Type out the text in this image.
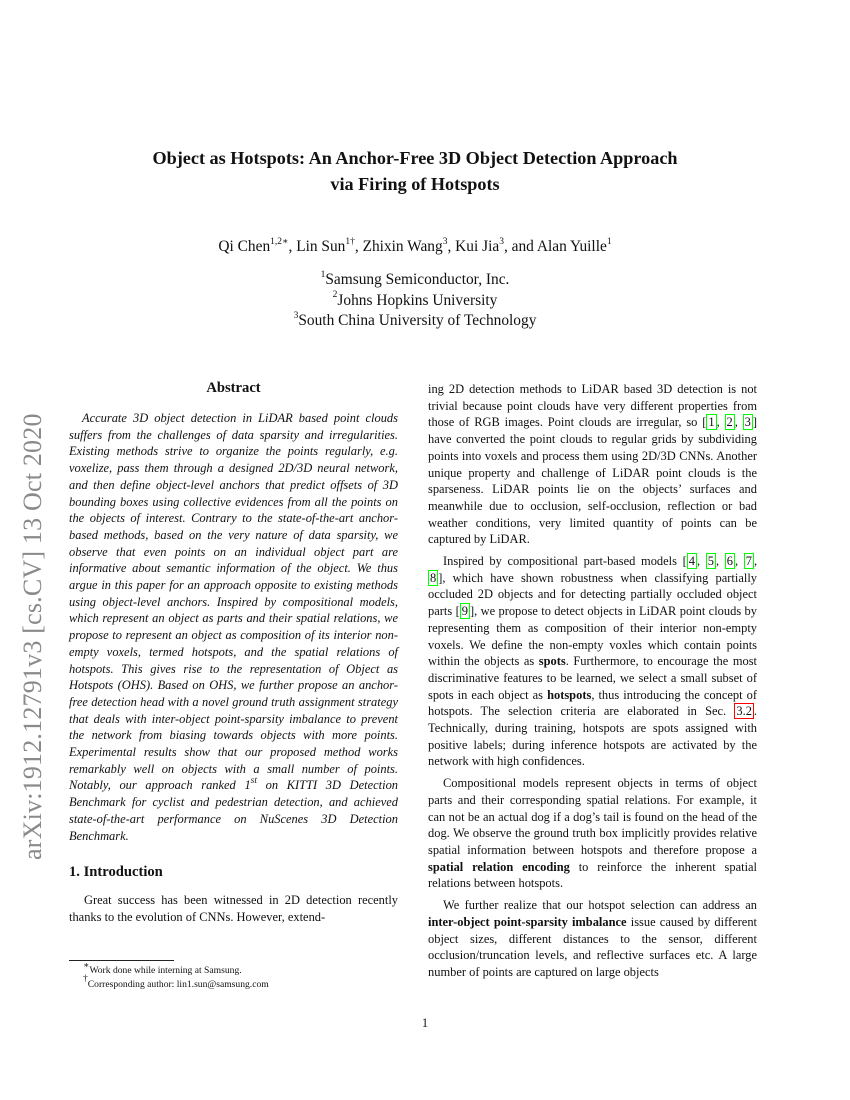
arXiv:1912.12791v3 [cs.CV] 13 Oct 2020
Object as Hotspots: An Anchor-Free 3D Object Detection Approach
via Firing of Hotspots
Qi Chen$^{1,2∗}$, Lin Sun$^{1\dagger}$, Zhixin Wang$^3$, Kui Jia$^3$, and Alan Yuille$^1$
$^1$Samsung Semiconductor, Inc.
$^2$Johns Hopkins University
$^3$South China University of Technology
Abstract

Accurate 3D object detection in LiDAR based point clouds suffers from the challenges of data sparsity and irregularities. Existing methods strive to organize the points regularly, e.g. voxelize, pass them through a designed 2D/3D neural network, and then define object-level anchors that predict offsets of 3D bounding boxes using collective evidences from all the points on the objects of interest. Contrary to the state-of-the-art anchor-based methods, based on the very nature of data sparsity, we observe that even points on an individual object part are informative about semantic information of the object. We thus argue in this paper for an approach opposite to existing methods using object-level anchors. Inspired by compositional models, which represent an object as parts and their spatial relations, we propose to represent an object as composition of its interior non-empty voxels, termed hotspots, and the spatial relations of hotspots. This gives rise to the representation of Object as Hotspots (OHS). Based on OHS, we further propose an anchor-free detection head with a novel ground truth assignment strategy that deals with inter-object point-sparsity imbalance to prevent the network from biasing towards objects with more points. Experimental results show that our proposed method works remarkably well on objects with a small number of points. Notably, our approach ranked 1st on KITTI 3D Detection Benchmark for cyclist and pedestrian detection, and achieved state-of-the-art performance on NuScenes 3D Detection Benchmark.

1. Introduction

Great success has been witnessed in 2D detection recently thanks to the evolution of CNNs. However, extend-

ing 2D detection methods to LiDAR based 3D detection is not trivial because point clouds have very different properties from those of RGB images. Point clouds are irregular, so [ 1 , 2 , 3 ] have converted the point clouds to regular grids by subdividing points into voxels and process them using 2D/3D CNNs. Another unique property and challenge of LiDAR point clouds is the sparseness. LiDAR points lie on the objects’ surfaces and meanwhile due to occlusion, self-occlusion, reflection or bad weather conditions, very limited quantity of points can be captured by LiDAR.

Inspired by compositional part-based models [ 4 , 5 , 6 , 7 , 8 ], which have shown robustness when classifying partially occluded 2D objects and for detecting partially occluded object parts [ 9 ], we propose to detect objects in LiDAR point clouds by representing them as composition of their interior non-empty voxels. We define the non-empty voxles which contain points within the objects as spots. Furthermore, to encourage the most discriminative features to be learned, we select a small subset of spots in each object as hotspots, thus introducing the concept of hotspots. The selection criteria are elaborated in Sec. 3.2 . Technically, during training, hotspots are spots assigned with positive labels; during inference hotspots are activated by the network with high confidences.

Compositional models represent objects in terms of object parts and their corresponding spatial relations. For example, it can not be an actual dog if a dog’s tail is found on the head of the dog. We observe the ground truth box implicitly provides relative spatial information between hotspots and therefore propose a spatial relation encoding to reinforce the inherent spatial relations between hotspots.

We further realize that our hotspot selection can address an inter-object point-sparsity imbalance issue caused by different object sizes, different distances to the sensor, different occlusion/truncation levels, and reflective surfaces etc. A large number of points are captured on large objects

∗Work done while interning at Samsung.
†Corresponding author: lin1.sun@samsung.com
1
